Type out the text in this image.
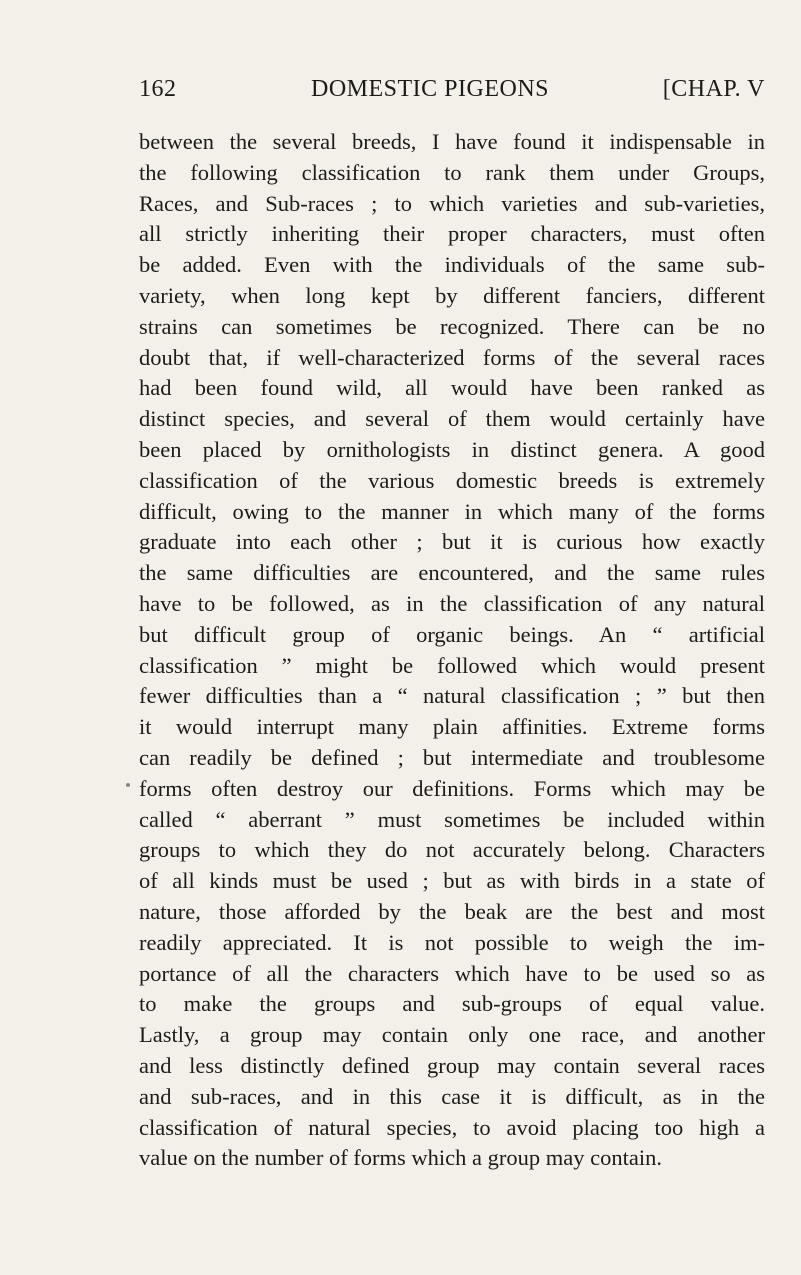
162	DOMESTIC PIGEONS	[CHAP. V
between the several breeds, I have found it indispensable in
the following classification to rank them under Groups,
Races, and Sub-races ; to which varieties and sub-varieties,
all strictly inheriting their proper characters, must often
be added. Even with the individuals of the same sub-
variety, when long kept by different fanciers, different
strains can sometimes be recognized. There can be no
doubt that, if well-characterized forms of the several races
had been found wild, all would have been ranked as
distinct species, and several of them would certainly have
been placed by ornithologists in distinct genera. A good
classification of the various domestic breeds is extremely
difficult, owing to the manner in which many of the forms
graduate into each other ; but it is curious how exactly
the same difficulties are encountered, and the same rules
have to be followed, as in the classification of any natural
but difficult group of organic beings. An “ artificial
classification ” might be followed which would present
fewer difficulties than a “ natural classification ; ” but then
it would interrupt many plain affinities. Extreme forms
can readily be defined ; but intermediate and troublesome
forms often destroy our definitions. Forms which may be
called “ aberrant ” must sometimes be included within
groups to which they do not accurately belong. Characters
of all kinds must be used ; but as with birds in a state of
nature, those afforded by the beak are the best and most
readily appreciated. It is not possible to weigh the im-
portance of all the characters which have to be used so as
to make the groups and sub-groups of equal value.
Lastly, a group may contain only one race, and another
and less distinctly defined group may contain several races
and sub-races, and in this case it is difficult, as in the
classification of natural species, to avoid placing too high a
value on the number of forms which a group may contain.
